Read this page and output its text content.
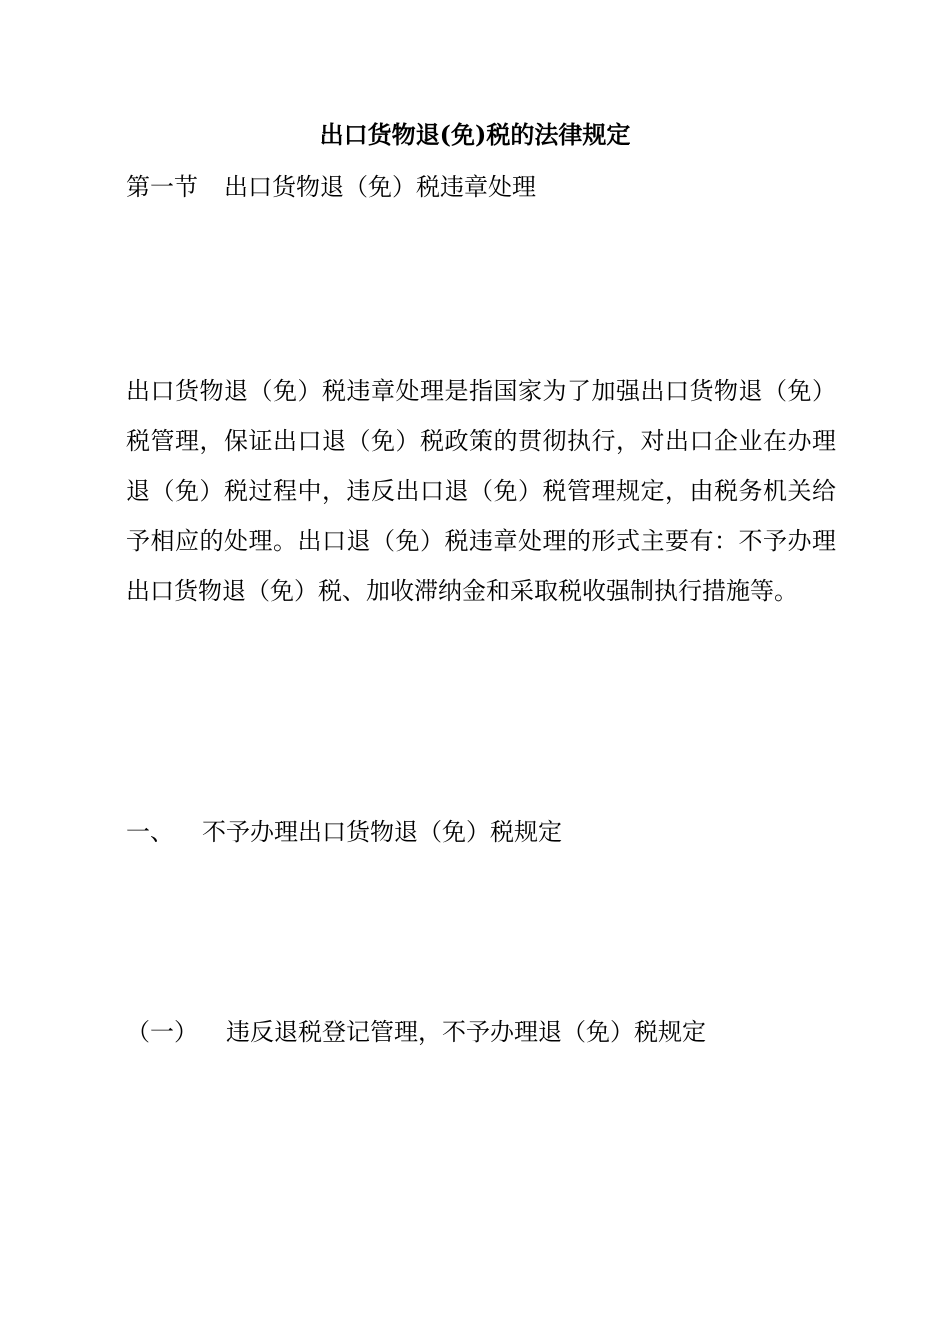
出口货物退(免)税的法律规定
第一节 出口货物退（免）税违章处理
出口货物退（免）税违章处理是指国家为了加强出口货物退（免）税管理，保证出口退（免）税政策的贯彻执行，对出口企业在办理退（免）税过程中，违反出口退（免）税管理规定，由税务机关给予相应的处理。出口退（免）税违章处理的形式主要有：不予办理出口货物退（免）税、加收滞纳金和采取税收强制执行措施等。
一、 不予办理出口货物退（免）税规定
（一） 违反退税登记管理，不予办理退（免）税规定
